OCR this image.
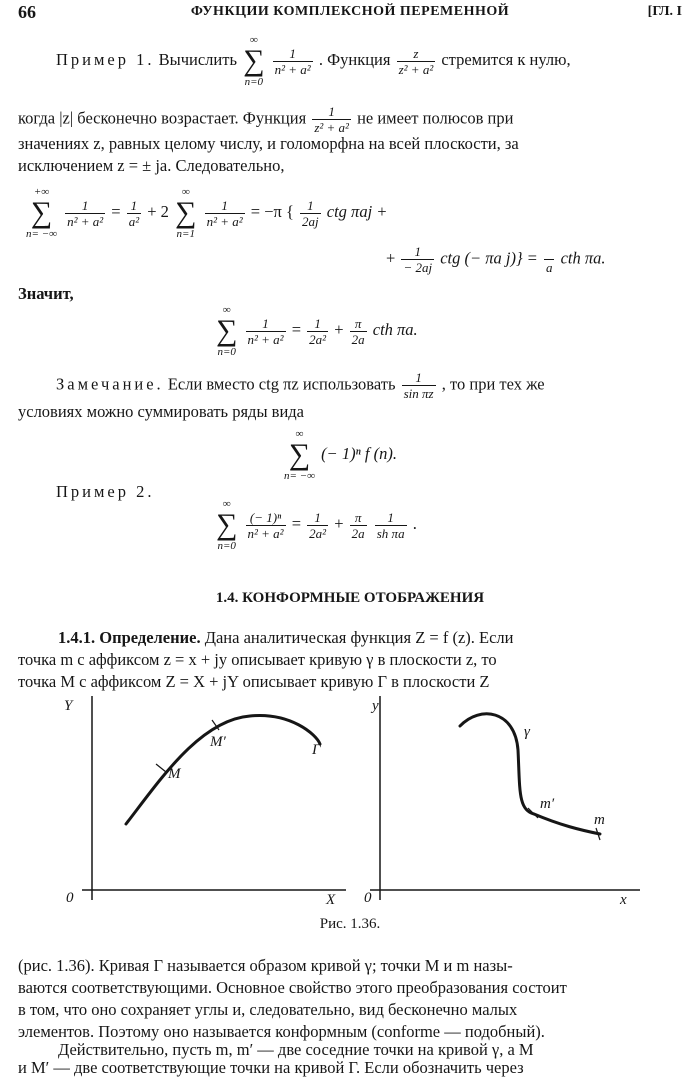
66	ФУНКЦИИ КОМПЛЕКСНОЙ ПЕРЕМЕННОЙ	[ГЛ. I
Пример 1. Вычислить
∞
∑
n=0

$\frac{1}{\text{n² + a²}}$ . Функция $\frac{z}{\text{z² + a²}}$ стремится к нулю,
когда |z| бесконечно возрастает. Функция $\frac{1}{\text{z² + a²}}$ не имеет полюсов при
значениях z, равных целому числу, и голоморфна на всей плоскости, за
исключением z = ± ja. Следовательно,
+∞
∑
n= −∞

$\frac{1}{\text{n² + a²}} = \frac{1}{\text{a²}} + 2$
∞
∑
n=1

$\frac{1}{\text{n² + a²}} = -\pi$ { $\frac{1}{2aj}$ ctg πaj +
+ $\frac{1}{- 2aj}$ ctg (− πa j)} =
a
cth πa.
Значит,
∞
∑
n=0

$\frac{1}{\text{n² + a²}} = \frac{1}{\text{2a²}} + \frac{\pi}{2a}$ cth πa.
Замечание. Если вместо ctg πz использовать $\frac{1}{\text{sin πz}}$ , то при тех же
условиях можно суммировать ряды вида
∞
∑
n= −∞
(− 1)ⁿ f (n).
Пример 2.
∞
∑
n=0

$\frac{\text{(− 1)ⁿ}}{\text{n² + a²}} = \frac{1}{\text{2a²}} + \frac{\pi}{2a}$
$\frac{1}{\text{sh πa}}$ .
1.4. КОНФОРМНЫЕ ОТОБРАЖЕНИЯ
1.4.1. Определение. Дана аналитическая функция Z = f (z). Если
точка m с аффиксом z = x + jy описывает кривую γ в плоскости z, то
точка M с аффиксом Z = X + jY описывает кривую Γ в плоскости Z
Y
X
0
M
M′	Γ
y
x
0
γ
m′
m
Рис. 1.36.
(рис. 1.36). Кривая Γ называется образом кривой γ; точки M и m назы-
ваются соответствующими. Основное свойство этого преобразования состоит
в том, что оно сохраняет углы и, следовательно, вид бесконечно малых
элементов. Поэтому оно называется конформным (conforme — подобный).
Действительно, пусть m, m′ — две соседние точки на кривой γ, а M
и M′ — две соответствующие точки на кривой Γ. Если обозначить через
